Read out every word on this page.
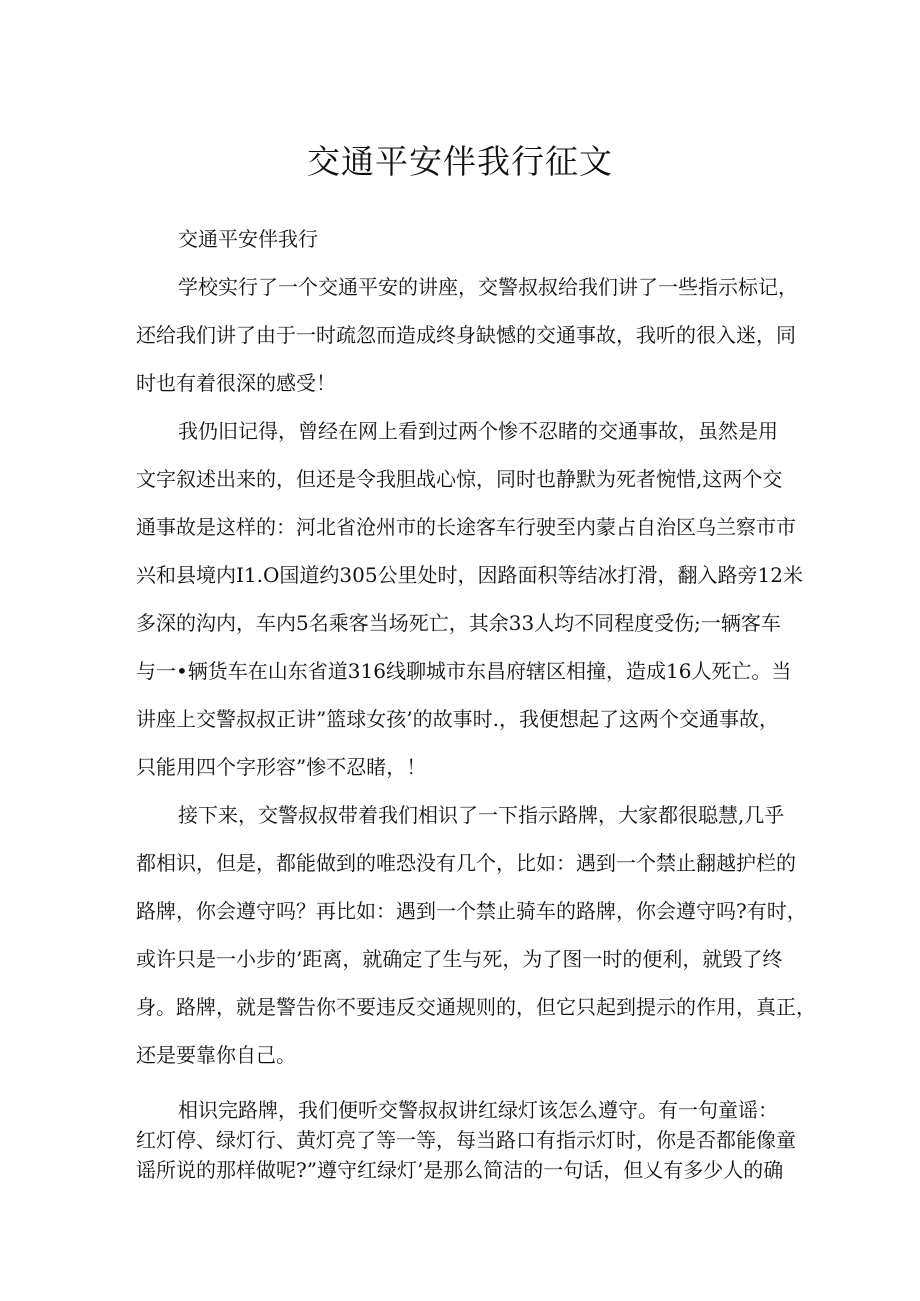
交通平安伴我行征文

交通平安伴我行

学校实行了一个交通平安的讲座，交警叔叔给我们讲了一些指示标记，

还给我们讲了由于一时疏忽而造成终身缺憾的交通事故，我听的很入迷，同

时也有着很深的感受！

我仍旧记得，曾经在网上看到过两个惨不忍睹的交通事故，虽然是用

文字叙述出来的，但还是令我胆战心惊，同时也静默为死者惋惜,这两个交

通事故是这样的：河北省沧州市的长途客车行驶至内蒙占自治区乌兰察市市

兴和县境内I1.O国道约305公里处时，因路面积等结冰打滑，翻入路旁12米

多深的沟内，车内5名乘客当场死亡，其余33人均不同程度受伤;一辆客车

与一•辆货车在山东省道316线聊城市东昌府辖区相撞，造成16人死亡。当

讲座上交警叔叔正讲”篮球女孩’的故事时.，我便想起了这两个交通事故，

只能用四个字形容”惨不忍睹，！

接下来，交警叔叔带着我们相识了一下指示路牌，大家都很聪慧,几乎

都相识，但是，都能做到的唯恐没有几个，比如：遇到一个禁止翻越护栏的

路牌，你会遵守吗？再比如：遇到一个禁止骑车的路牌，你会遵守吗?有时，

或许只是一小步的’距离，就确定了生与死，为了图一时的便利，就毁了终

身。路牌，就是警告你不要违反交通规则的，但它只起到提示的作用，真正，

还是要靠你自己。

相识完路牌，我们便听交警叔叔讲红绿灯该怎么遵守。有一句童谣：

红灯停、绿灯行、黄灯亮了等一等，每当路口有指示灯时，你是否都能像童

谣所说的那样做呢?”遵守红绿灯’是那么简洁的一句话，但乂有多少人的确
